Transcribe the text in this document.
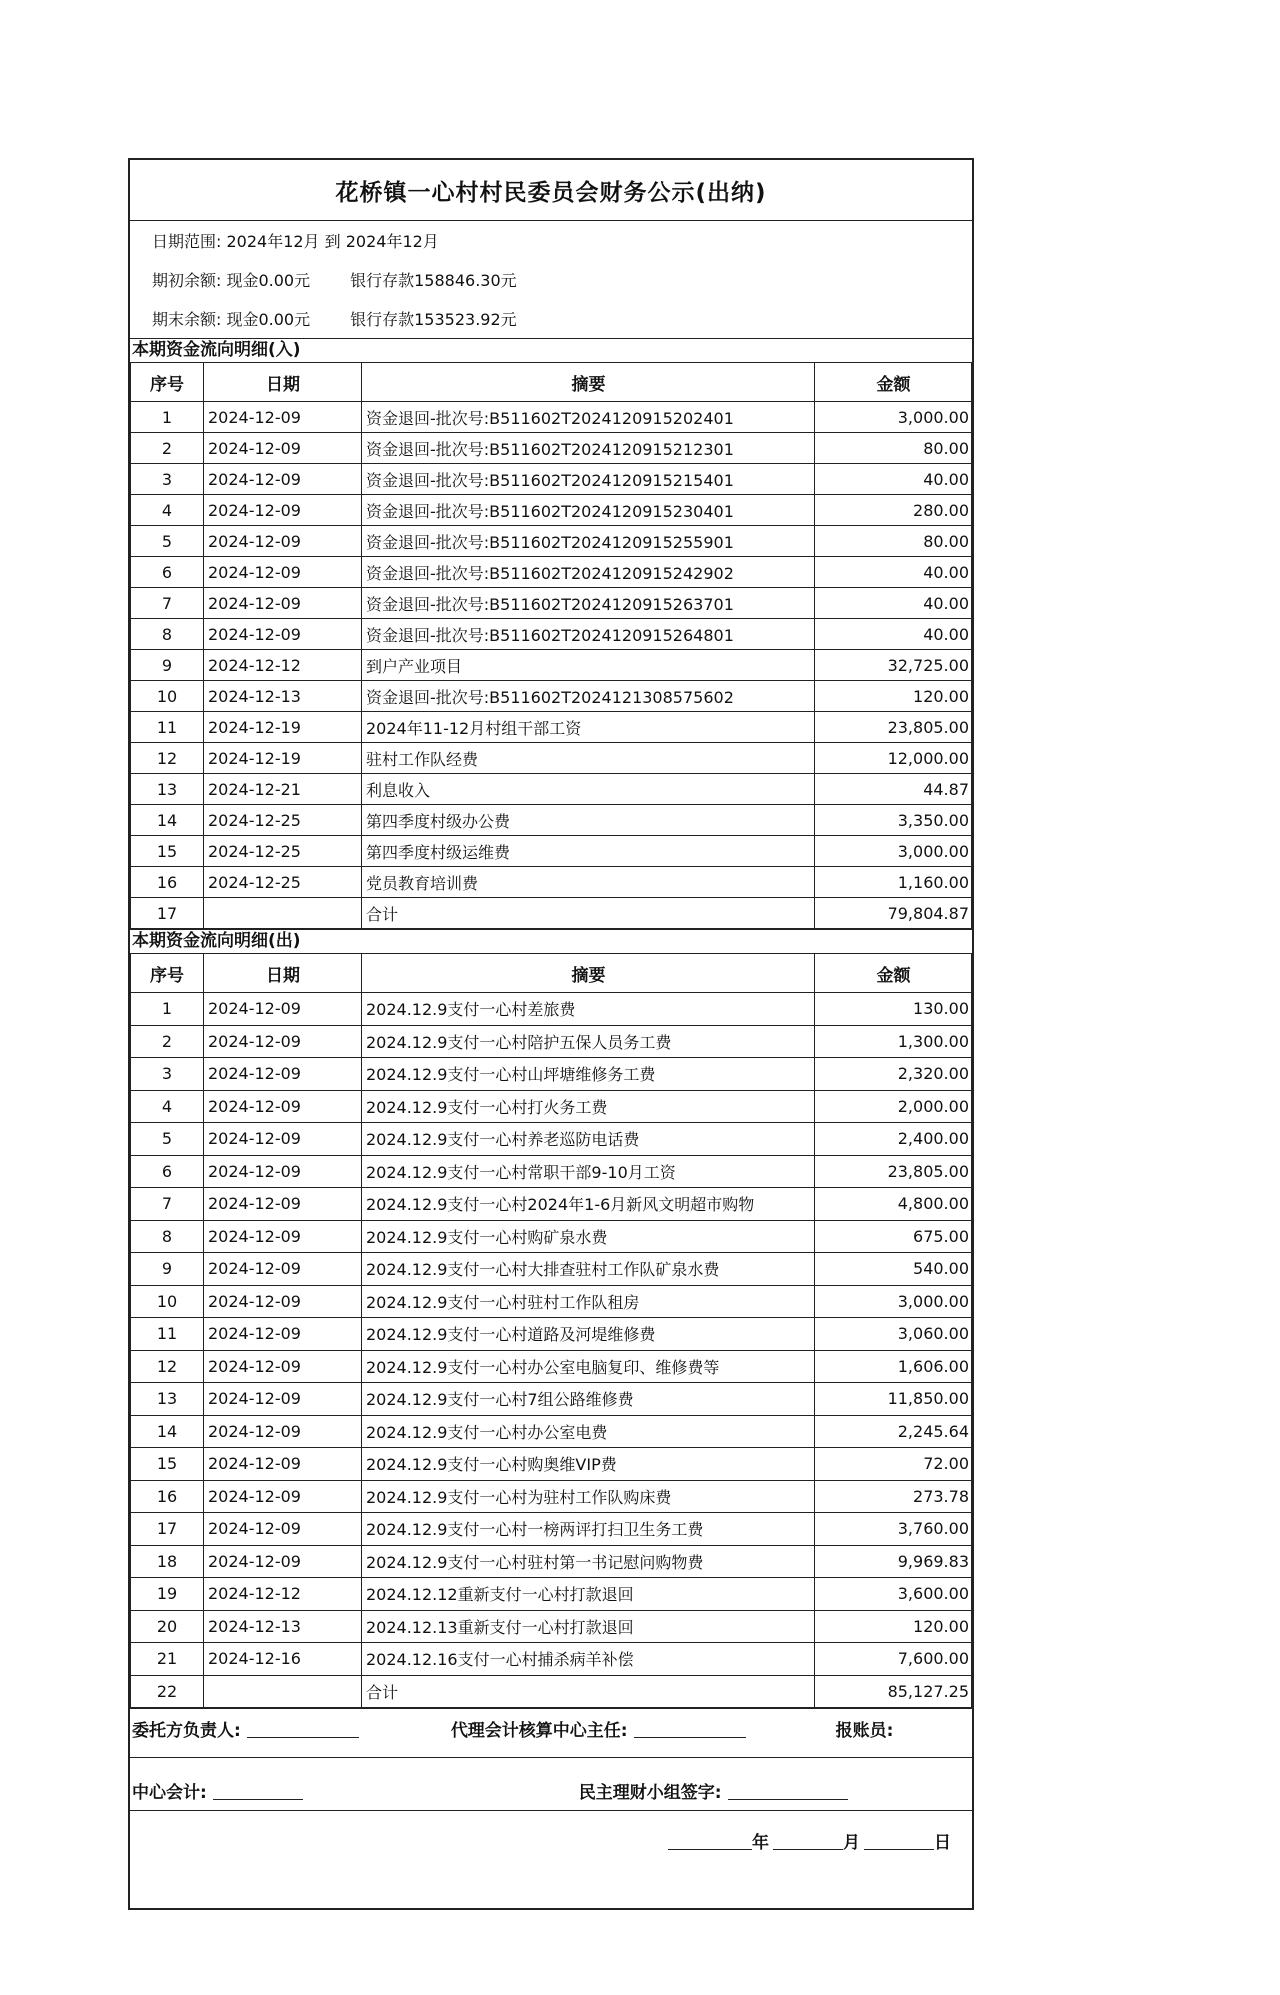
花桥镇一心村村民委员会财务公示(出纳)
日期范围: 2024年12月 到 2024年12月
期初余额: 现金0.00元	银行存款158846.30元
期末余额: 现金0.00元	银行存款153523.92元
本期资金流向明细(入)
序号	日期	摘要	金额
1	2024-12-09	资金退回-批次号:B511602T2024120915202401	3,000.00
2	2024-12-09	资金退回-批次号:B511602T2024120915212301	80.00
3	2024-12-09	资金退回-批次号:B511602T2024120915215401	40.00
4	2024-12-09	资金退回-批次号:B511602T2024120915230401	280.00
5	2024-12-09	资金退回-批次号:B511602T2024120915255901	80.00
6	2024-12-09	资金退回-批次号:B511602T2024120915242902	40.00
7	2024-12-09	资金退回-批次号:B511602T2024120915263701	40.00
8	2024-12-09	资金退回-批次号:B511602T2024120915264801	40.00
9	2024-12-12	到户产业项目	32,725.00
10	2024-12-13	资金退回-批次号:B511602T2024121308575602	120.00
11	2024-12-19	2024年11-12月村组干部工资	23,805.00
12	2024-12-19	驻村工作队经费	12,000.00
13	2024-12-21	利息收入	44.87
14	2024-12-25	第四季度村级办公费	3,350.00
15	2024-12-25	第四季度村级运维费	3,000.00
16	2024-12-25	党员教育培训费	1,160.00
17		合计	79,804.87
本期资金流向明细(出)
序号	日期	摘要	金额
1	2024-12-09	2024.12.9支付一心村差旅费	130.00
2	2024-12-09	2024.12.9支付一心村陪护五保人员务工费	1,300.00
3	2024-12-09	2024.12.9支付一心村山坪塘维修务工费	2,320.00
4	2024-12-09	2024.12.9支付一心村打火务工费	2,000.00
5	2024-12-09	2024.12.9支付一心村养老巡防电话费	2,400.00
6	2024-12-09	2024.12.9支付一心村常职干部9-10月工资	23,805.00
7	2024-12-09	2024.12.9支付一心村2024年1-6月新风文明超市购物	4,800.00
8	2024-12-09	2024.12.9支付一心村购矿泉水费	675.00
9	2024-12-09	2024.12.9支付一心村大排查驻村工作队矿泉水费	540.00
10	2024-12-09	2024.12.9支付一心村驻村工作队租房	3,000.00
11	2024-12-09	2024.12.9支付一心村道路及河堤维修费	3,060.00
12	2024-12-09	2024.12.9支付一心村办公室电脑复印、维修费等	1,606.00
13	2024-12-09	2024.12.9支付一心村7组公路维修费	11,850.00
14	2024-12-09	2024.12.9支付一心村办公室电费	2,245.64
15	2024-12-09	2024.12.9支付一心村购奥维VIP费	72.00
16	2024-12-09	2024.12.9支付一心村为驻村工作队购床费	273.78
17	2024-12-09	2024.12.9支付一心村一榜两评打扫卫生务工费	3,760.00
18	2024-12-09	2024.12.9支付一心村驻村第一书记慰问购物费	9,969.83
19	2024-12-12	2024.12.12重新支付一心村打款退回	3,600.00
20	2024-12-13	2024.12.13重新支付一心村打款退回	120.00
21	2024-12-16	2024.12.16支付一心村捕杀病羊补偿	7,600.00
22		合计	85,127.25
委托方负责人:	代理会计核算中心主任:	报账员:
中心会计:	民主理财小组签字:
年	月	日
